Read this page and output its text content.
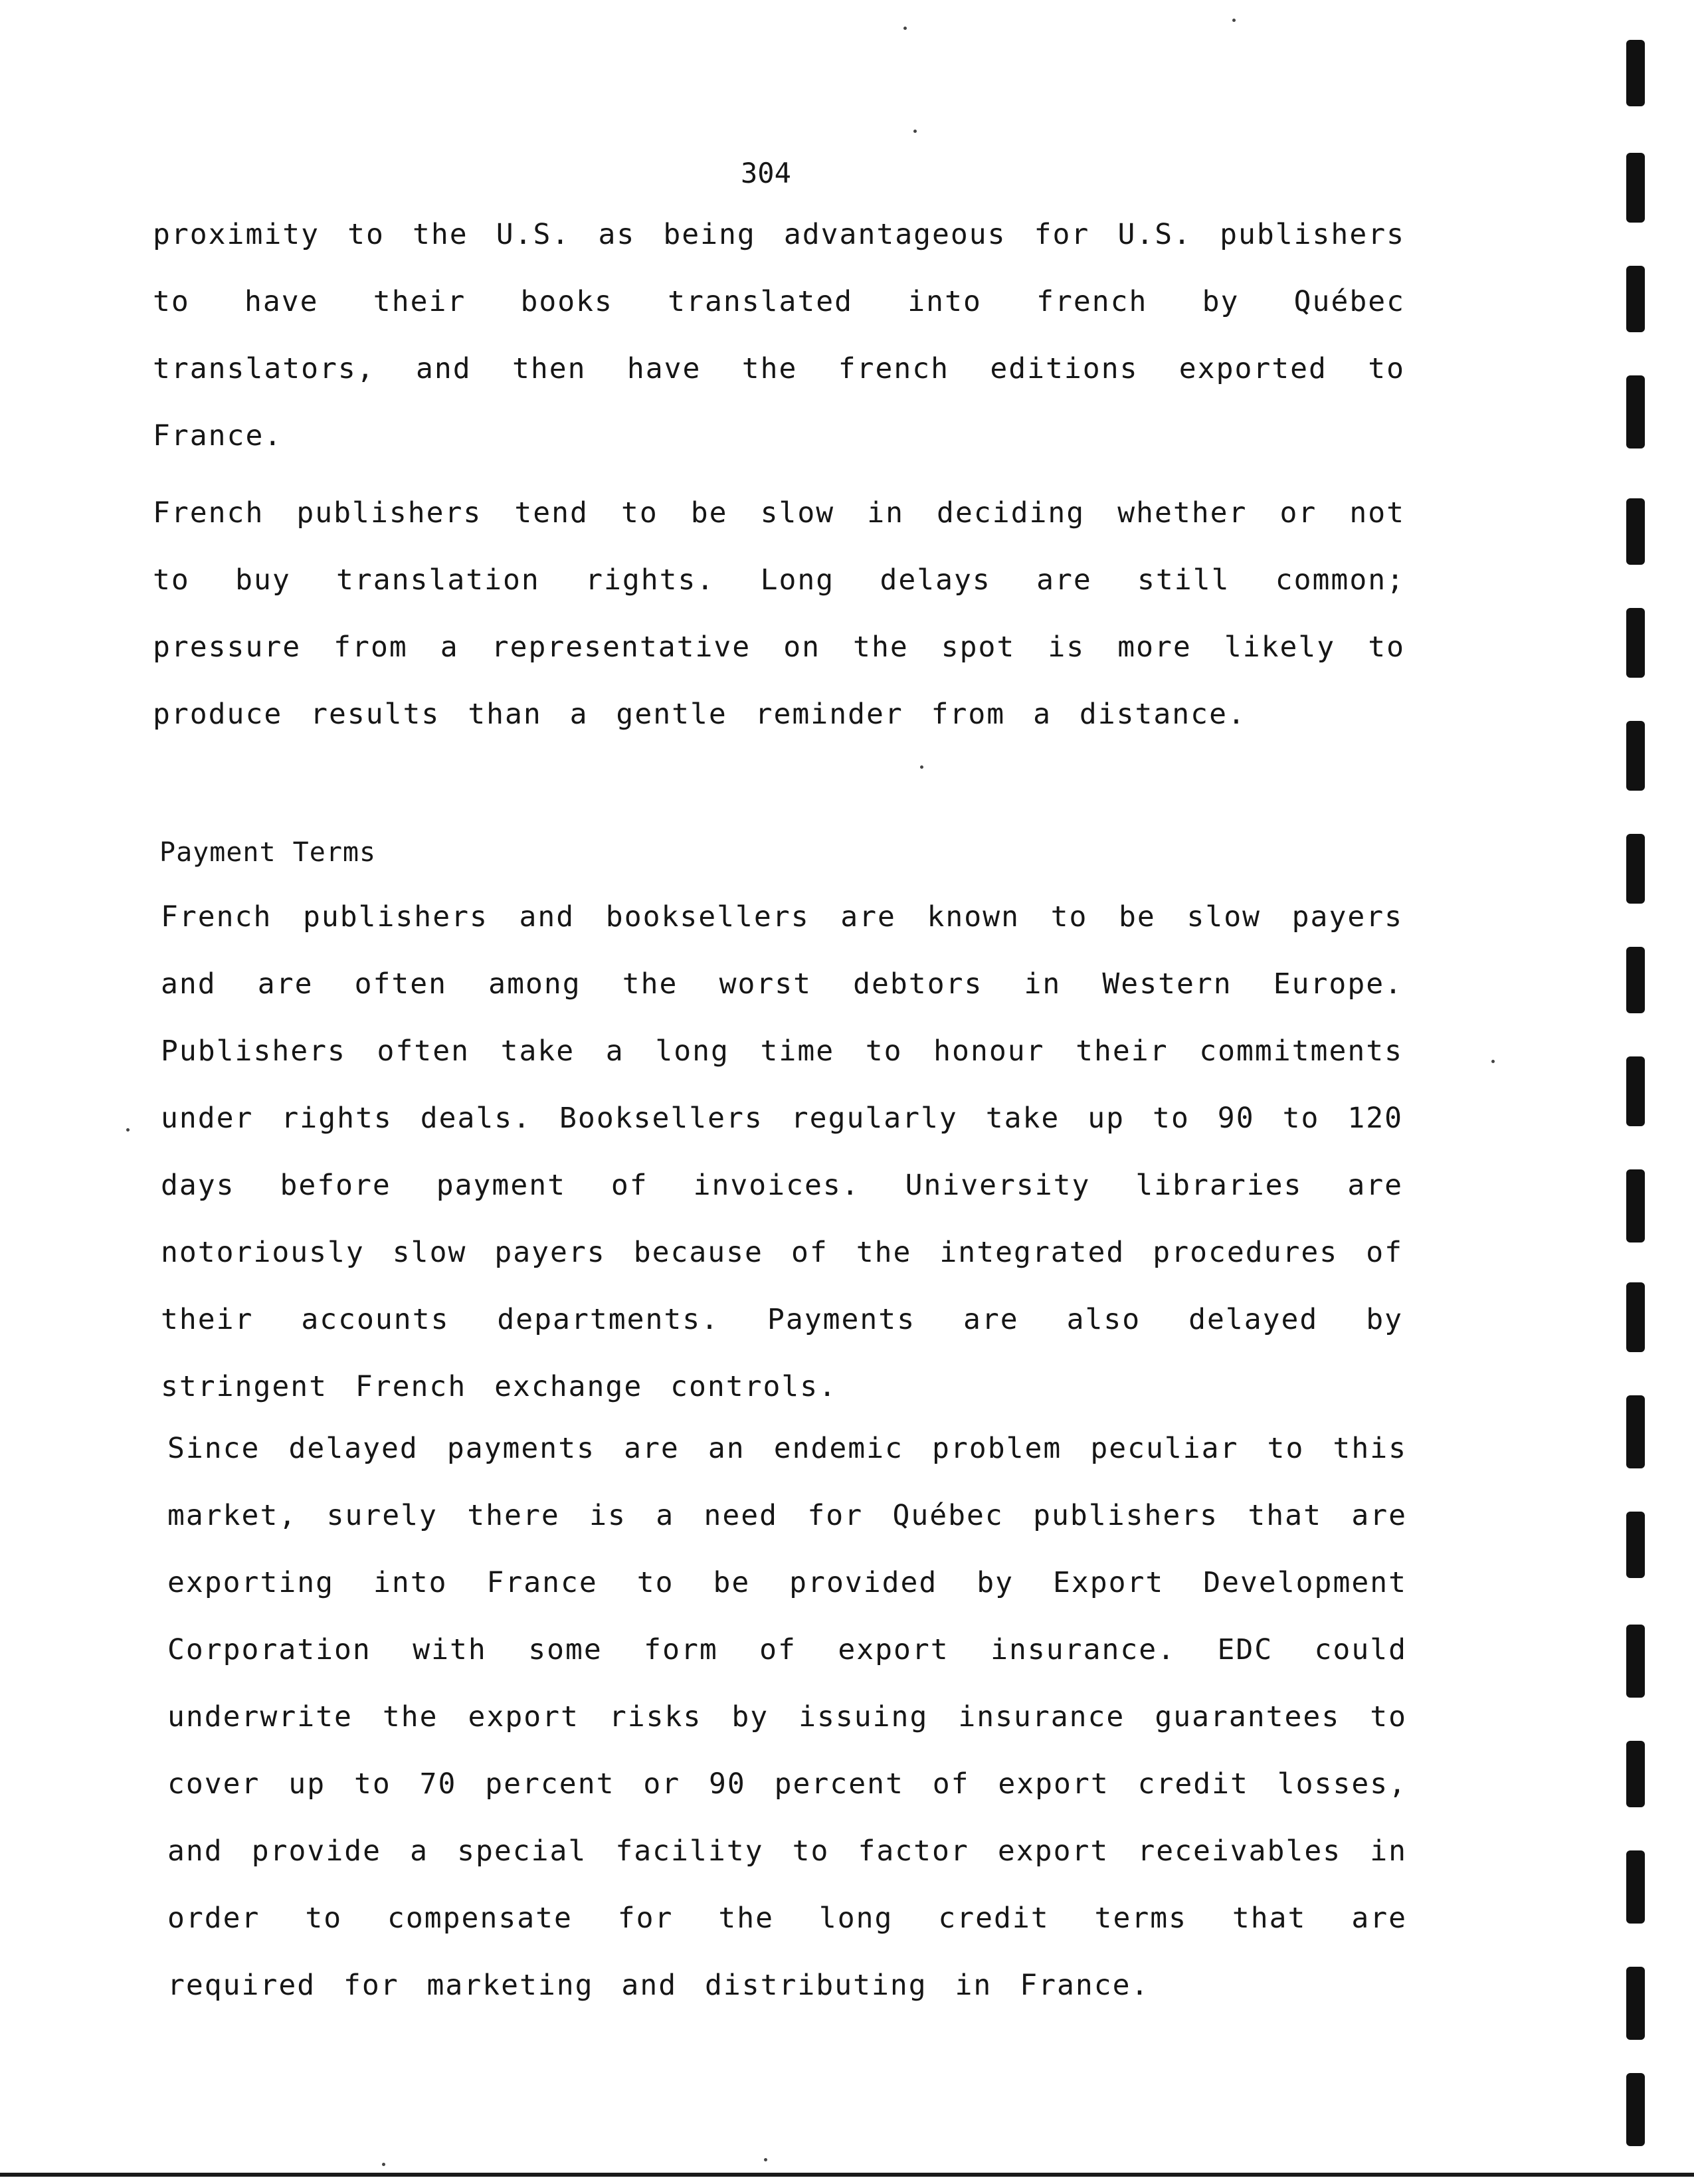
304

proximity to the U.S. as being advantageous for U.S. publishers to have their books translated into french by Québec translators, and then have the french editions exported to France.

French publishers tend to be slow in deciding whether or not to buy translation rights. Long delays are still common; pressure from a representative on the spot is more likely to produce results than a gentle reminder from a distance.

Payment Terms

French publishers and booksellers are known to be slow payers and are often among the worst debtors in Western Europe. Publishers often take a long time to honour their commitments under rights deals. Booksellers regularly take up to 90 to 120 days before payment of invoices. University libraries are notoriously slow payers because of the integrated procedures of their accounts departments. Payments are also delayed by stringent French exchange controls.

Since delayed payments are an endemic problem peculiar to this market, surely there is a need for Québec publishers that are exporting into France to be provided by Export Development Corporation with some form of export insurance. EDC could underwrite the export risks by issuing insurance guarantees to cover up to 70 percent or 90 percent of export credit losses, and provide a special facility to factor export receivables in order to compensate for the long credit terms that are required for marketing and distributing in France.
